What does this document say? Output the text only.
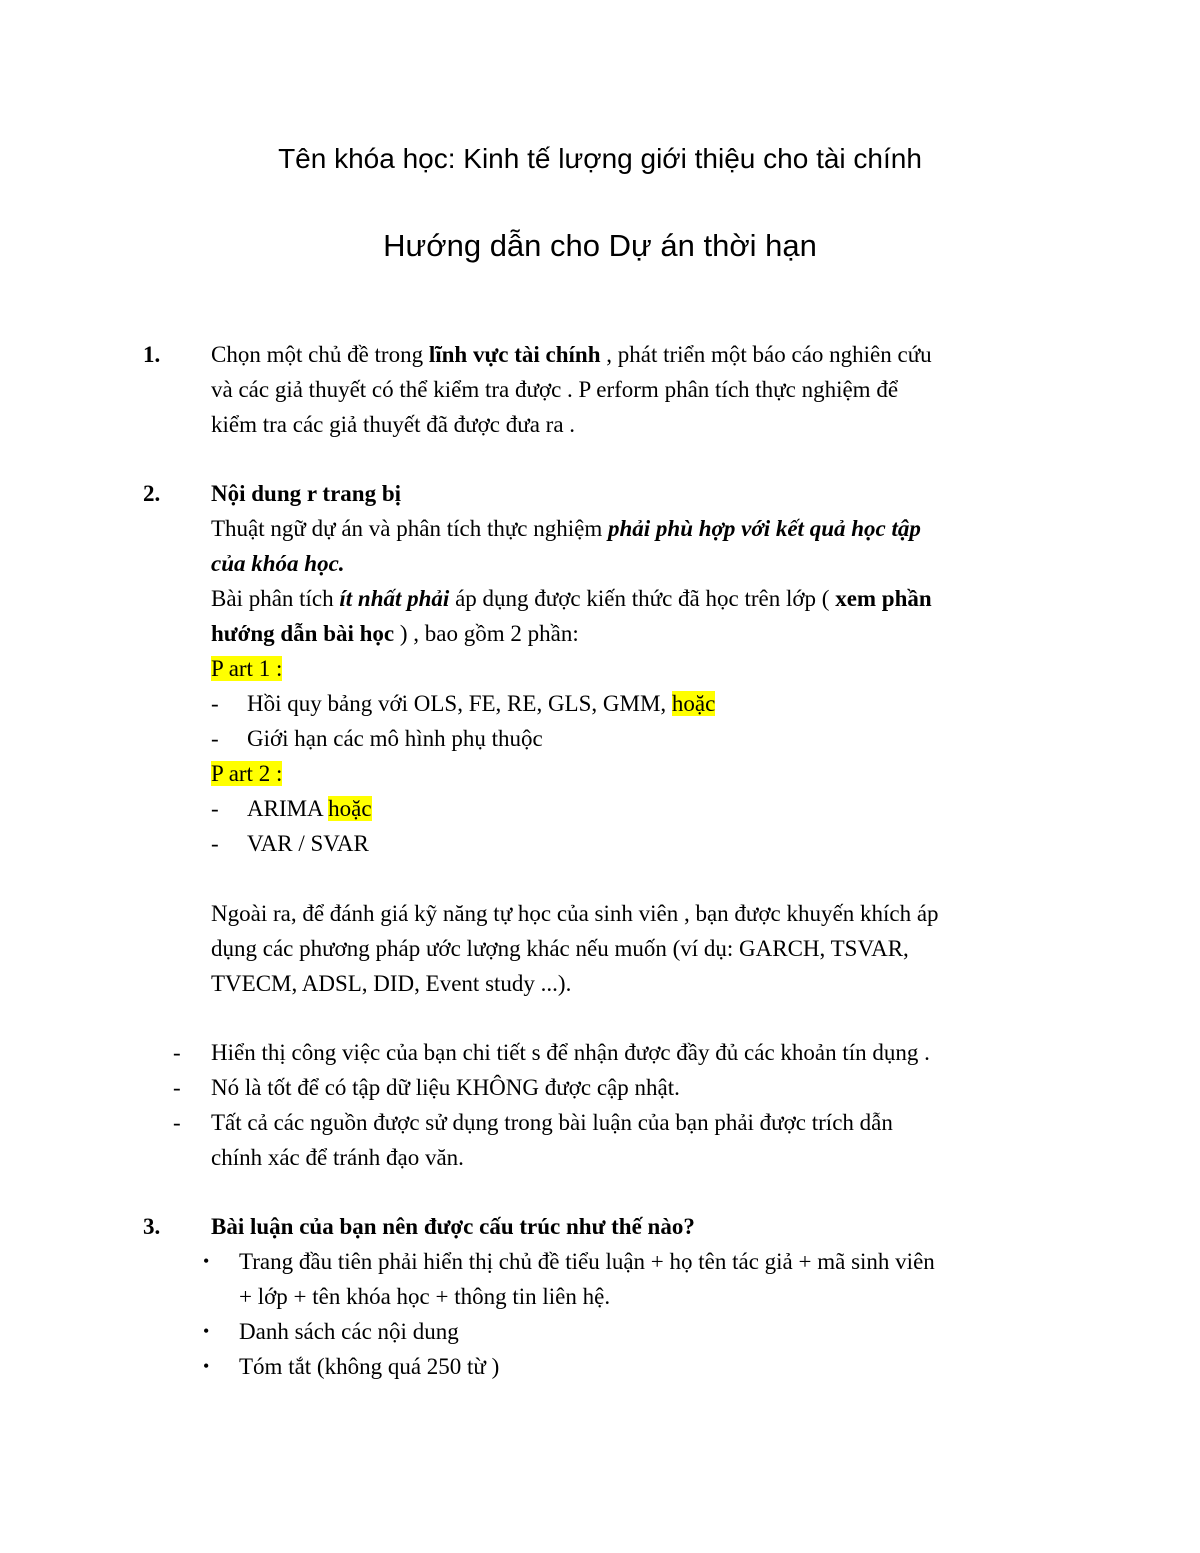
Tên khóa học: Kinh tế lượng giới thiệu cho tài chính
Hướng dẫn cho Dự án thời hạn
1.	Chọn một chủ đề trong lĩnh vực tài chính , phát triển một báo cáo nghiên cứu

và các giả thuyết có thể kiểm tra được . P erform phân tích thực nghiệm để

kiểm tra các giả thuyết đã được đưa ra .

2.	Nội dung r trang bị

Thuật ngữ dự án và phân tích thực nghiệm phải phù hợp với kết quả học tập

của khóa học.

Bài phân tích ít nhất phải áp dụng được kiến thức đã học trên lớp ( xem phần

hướng dẫn bài học ) , bao gồm 2 phần:

P art 1 :

- Hồi quy bảng với OLS, FE, RE, GLS, GMM, hoặc
- Giới hạn các mô hình phụ thuộc

P art 2 :

- ARIMA hoặc
- VAR / SVAR

Ngoài ra, để đánh giá kỹ năng tự học của sinh viên , bạn được khuyến khích áp

dụng các phương pháp ước lượng khác nếu muốn (ví dụ: GARCH, TSVAR,

TVECM, ADSL, DID, Event study ...).

- Hiển thị công việc của bạn chi tiết s để nhận được đầy đủ các khoản tín dụng .
- Nó là tốt để có tập dữ liệu KHÔNG được cập nhật.
- Tất cả các nguồn được sử dụng trong bài luận của bạn phải được trích dẫn
chính xác để tránh đạo văn.
3.	Bài luận của bạn nên được cấu trúc như thế nào?

• Trang đầu tiên phải hiển thị chủ đề tiểu luận + họ tên tác giả + mã sinh viên
+ lớp + tên khóa học + thông tin liên hệ.
• Danh sách các nội dung
• Tóm tắt (không quá 250 từ )
